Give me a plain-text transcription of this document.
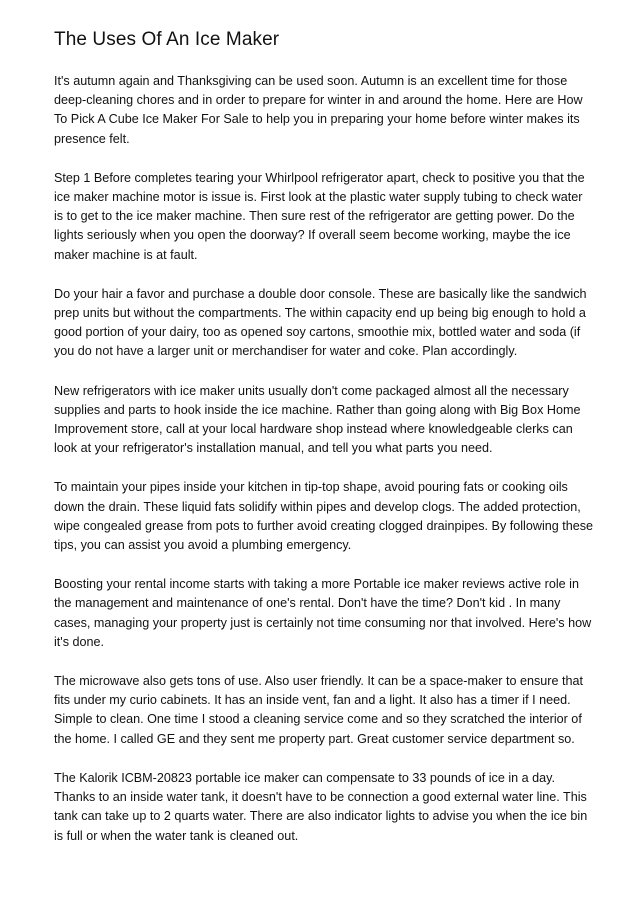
The Uses Of An Ice Maker

It's autumn again and Thanksgiving can be used soon. Autumn is an excellent time for those deep-cleaning chores and in order to prepare for winter in and around the home. Here are How To Pick A Cube Ice Maker For Sale to help you in preparing your home before winter makes its presence felt.

Step 1 Before completes tearing your Whirlpool refrigerator apart, check to positive you that the ice maker machine motor is issue is. First look at the plastic water supply tubing to check water is to get to the ice maker machine. Then sure rest of the refrigerator are getting power. Do the lights seriously when you open the doorway? If overall seem become working, maybe the ice maker machine is at fault.

Do your hair a favor and purchase a double door console. These are basically like the sandwich prep units but without the compartments. The within capacity end up being big enough to hold a good portion of your dairy, too as opened soy cartons, smoothie mix, bottled water and soda (if you do not have a larger unit or merchandiser for water and coke. Plan accordingly.

New refrigerators with ice maker units usually don't come packaged almost all the necessary supplies and parts to hook inside the ice machine. Rather than going along with Big Box Home Improvement store, call at your local hardware shop instead where knowledgeable clerks can look at your refrigerator's installation manual, and tell you what parts you need.

To maintain your pipes inside your kitchen in tip-top shape, avoid pouring fats or cooking oils down the drain. These liquid fats solidify within pipes and develop clogs. The added protection, wipe congealed grease from pots to further avoid creating clogged drainpipes. By following these tips, you can assist you avoid a plumbing emergency.

Boosting your rental income starts with taking a more Portable ice maker reviews active role in the management and maintenance of one's rental. Don't have the time? Don't kid . In many cases, managing your property just is certainly not time consuming nor that involved. Here's how it's done.

The microwave also gets tons of use. Also user friendly. It can be a space-maker to ensure that fits under my curio cabinets. It has an inside vent, fan and a light. It also has a timer if I need. Simple to clean. One time I stood a cleaning service come and so they scratched the interior of the home. I called GE and they sent me property part. Great customer service department so.

The Kalorik ICBM-20823 portable ice maker can compensate to 33 pounds of ice in a day. Thanks to an inside water tank, it doesn't have to be connection a good external water line. This tank can take up to 2 quarts water. There are also indicator lights to advise you when the ice bin is full or when the water tank is cleaned out.
